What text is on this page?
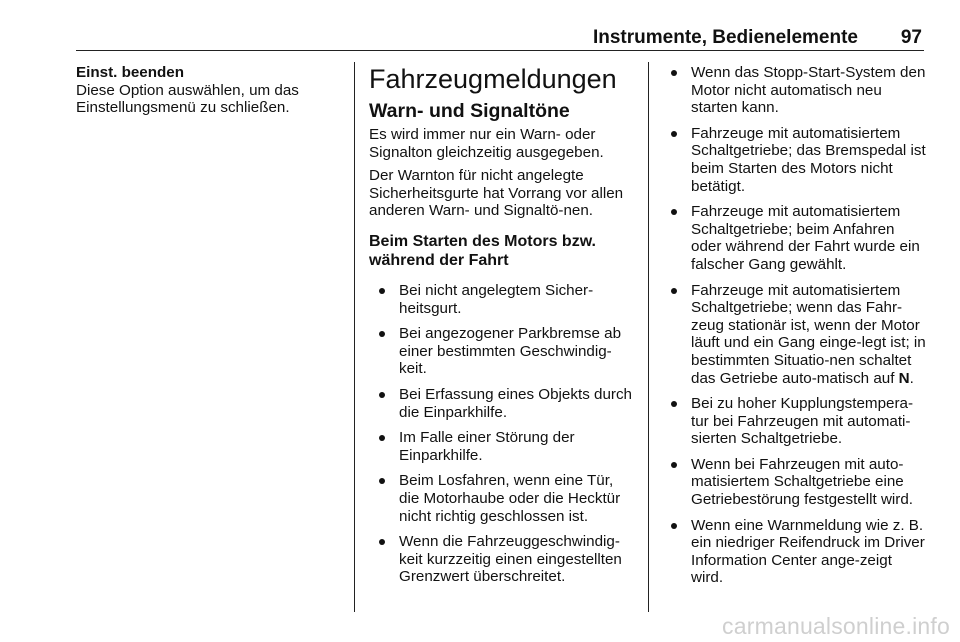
Instrumente, Bedienelemente 97
Einst. beenden
Diese Option auswählen, um das Einstellungsmenü zu schließen.
Fahrzeugmeldungen
Warn- und Signaltöne
Es wird immer nur ein Warn- oder Signalton gleichzeitig ausgegeben.
Der Warnton für nicht angelegte Sicherheitsgurte hat Vorrang vor allen anderen Warn- und Signaltö-nen.
Beim Starten des Motors bzw. während der Fahrt
Bei nicht angelegtem Sicher-heitsgurt.
Bei angezogener Parkbremse ab einer bestimmten Geschwindig-keit.
Bei Erfassung eines Objekts durch die Einparkhilfe.
Im Falle einer Störung der Einparkhilfe.
Beim Losfahren, wenn eine Tür, die Motorhaube oder die Hecktür nicht richtig geschlossen ist.
Wenn die Fahrzeuggeschwindig-keit kurzzeitig einen eingestellten Grenzwert überschreitet.
Wenn das Stopp-Start-System den Motor nicht automatisch neu starten kann.
Fahrzeuge mit automatisiertem Schaltgetriebe; das Bremspedal ist beim Starten des Motors nicht betätigt.
Fahrzeuge mit automatisiertem Schaltgetriebe; beim Anfahren oder während der Fahrt wurde ein falscher Gang gewählt.
Fahrzeuge mit automatisiertem Schaltgetriebe; wenn das Fahr-zeug stationär ist, wenn der Motor läuft und ein Gang einge-legt ist; in bestimmten Situatio-nen schaltet das Getriebe auto-matisch auf N.
Bei zu hoher Kupplungstempera-tur bei Fahrzeugen mit automati-sierten Schaltgetriebe.
Wenn bei Fahrzeugen mit auto-matisiertem Schaltgetriebe eine Getriebestörung festgestellt wird.
Wenn eine Warnmeldung wie z. B. ein niedriger Reifendruck im Driver Information Center ange-zeigt wird.
carmanualsonline.info
